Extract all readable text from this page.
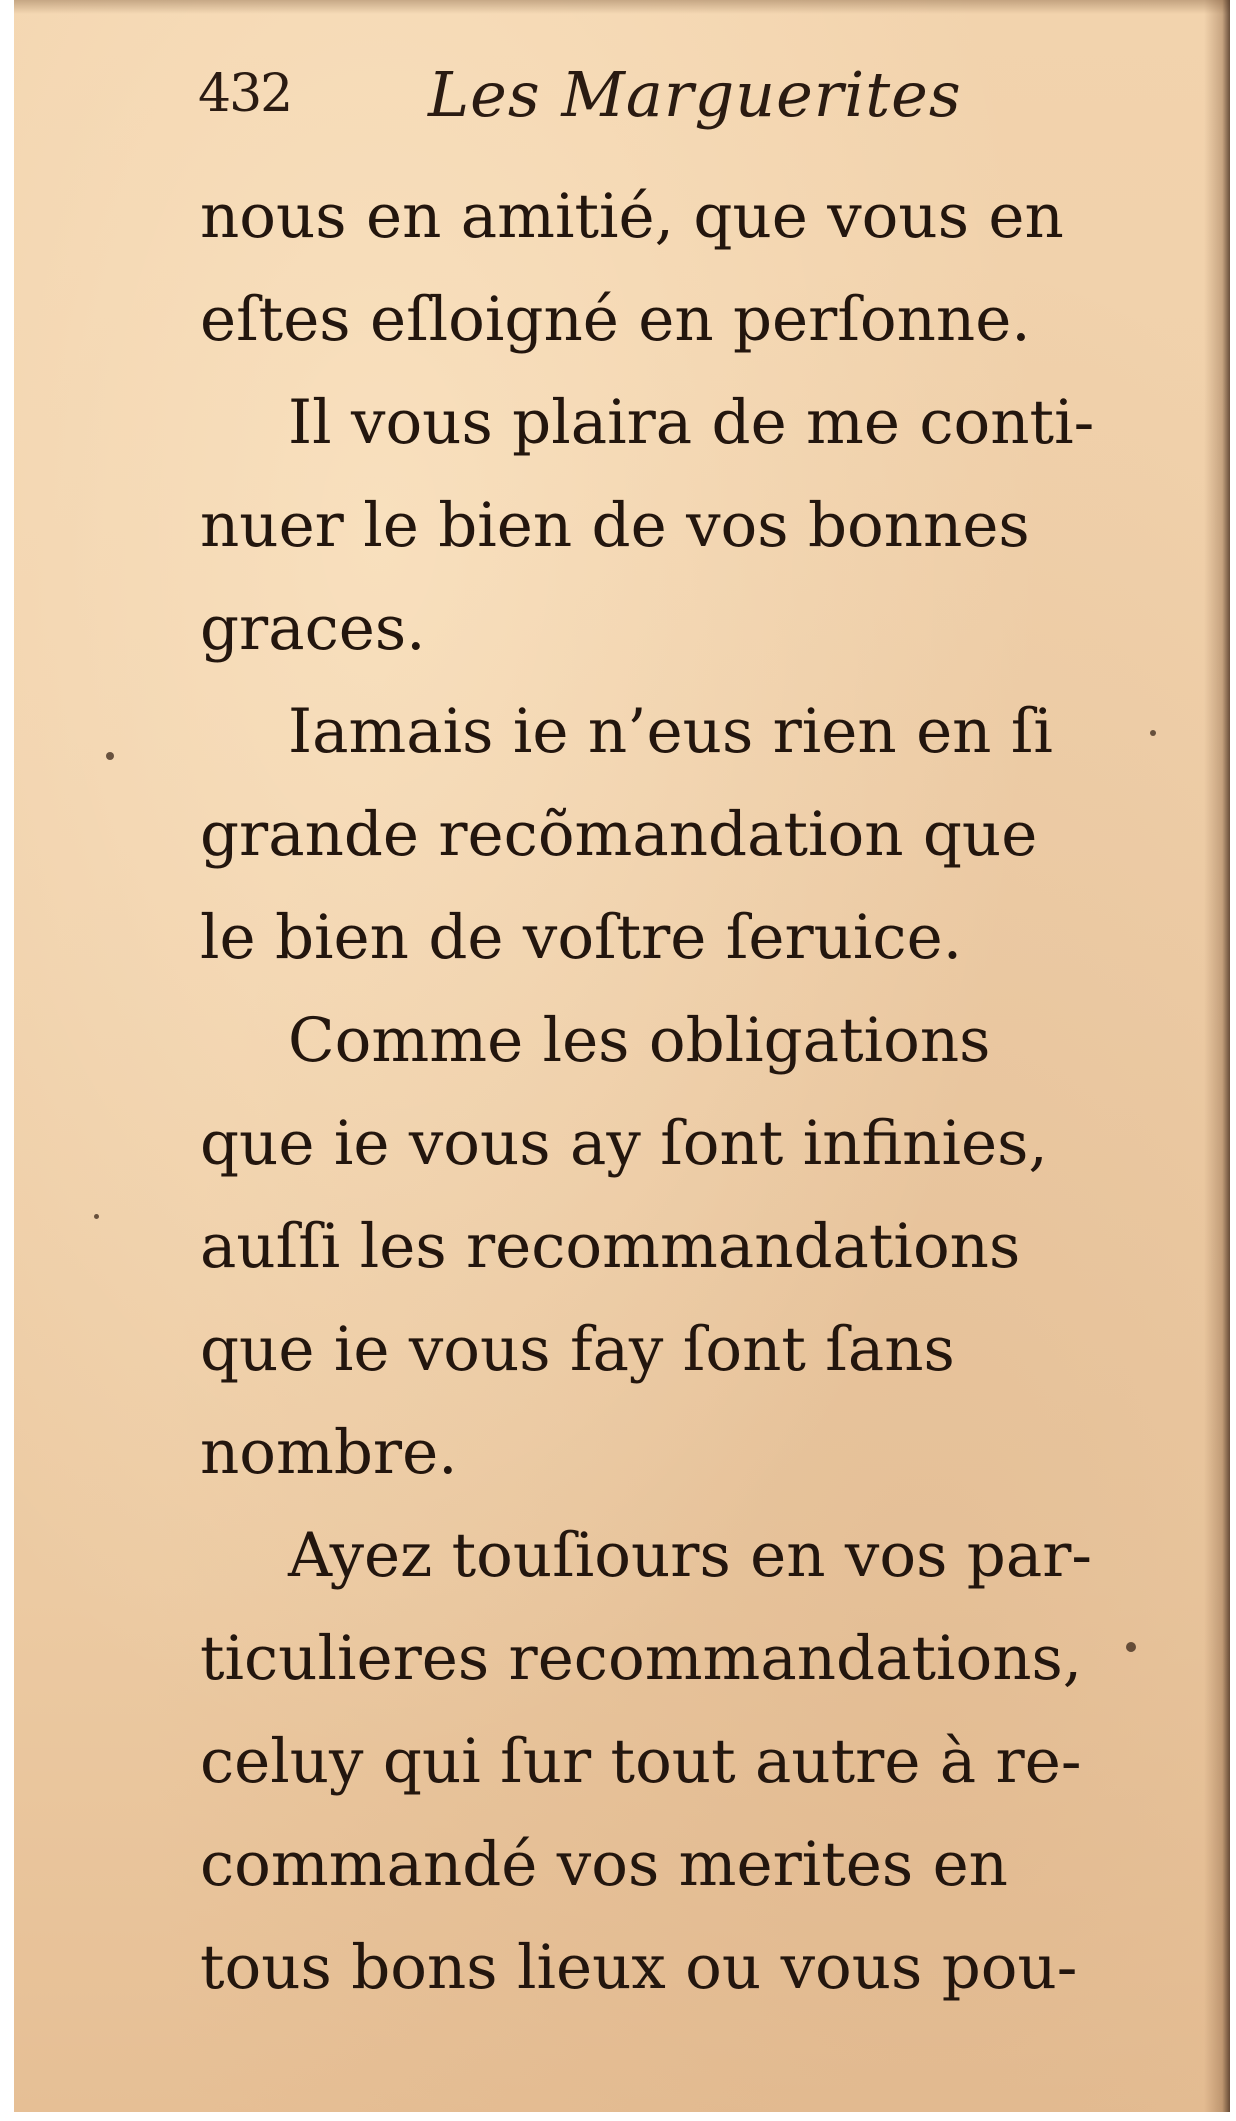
432 Les Marguerites
nous en amitié, que vous en
eſtes eſloigné en perſonne.
Il vous plaira de me conti-
nuer le bien de vos bonnes
graces.
Iamais ie n’eus rien en ſi
grande recõmandation que
le bien de voſtre ſeruice.
Comme les obligations
que ie vous ay ſont infinies,
auſſi les recommandations
que ie vous fay ſont ſans
nombre.
Ayez touſiours en vos par-
ticulieres recommandations,
celuy qui ſur tout autre à re-
commandé vos merites en
tous bons lieux ou vous pou-
